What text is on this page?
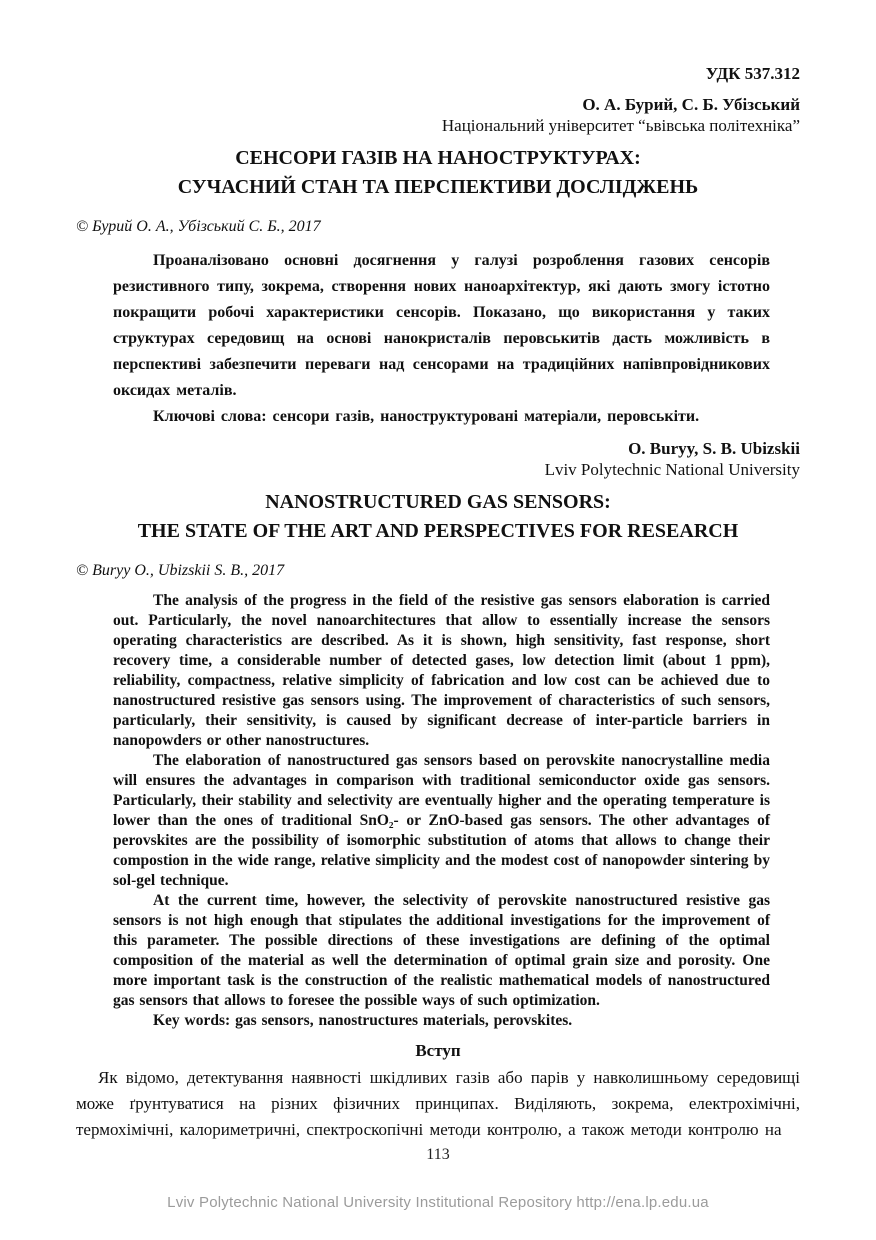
УДК 537.312
О. А. Бурий, С. Б. Убізський
Національний університет “ьвівська політехніка”
СЕНСОРИ ГАЗІВ НА НАНОСТРУКТУРАХ:
СУЧАСНИЙ СТАН ТА ПЕРСПЕКТИВИ ДОСЛІДЖЕНЬ
© Бурий О. А., Убізський С. Б., 2017

Проаналізовано основні досягнення у галузі розроблення газових сенсорів резистивного типу, зокрема, створення нових наноархітектур, які дають змогу істотно покращити робочі характеристики сенсорів. Показано, що використання у таких структурах середовищ на основі нанокристалів перовськитів дасть можливість в перспективі забезпечити переваги над сенсорами на традиційних напівпровідникових оксидах металів.

Ключові слова: сенсори газів, наноструктуровані матеріали, перовськіти.

O. Buryy, S. B. Ubizskii
Lviv Polytechnic National University
NANOSTRUCTURED GAS SENSORS:
THE STATE OF THE ART AND PERSPECTIVES FOR RESEARCH
© Buryy O., Ubizskii S. B., 2017

The analysis of the progress in the field of the resistive gas sensors elaboration is carried out. Particularly, the novel nanoarchitectures that allow to essentially increase the sensors operating characteristics are described. As it is shown, high sensitivity, fast response, short recovery time, a considerable number of detected gases, low detection limit (about 1 ppm), reliability, compactness, relative simplicity of fabrication and low cost can be achieved due to nanostructured resistive gas sensors using. The improvement of characteristics of such sensors, particularly, their sensitivity, is caused by significant decrease of inter-particle barriers in nanopowders or other nanostructures.

The elaboration of nanostructured gas sensors based on perovskite nanocrystalline media will ensures the advantages in comparison with traditional semiconductor oxide gas sensors. Particularly, their stability and selectivity are eventually higher and the operating temperature is lower than the ones of traditional SnO₂- or ZnO-based gas sensors. The other advantages of perovskites are the possibility of isomorphic substitution of atoms that allows to change their compostion in the wide range, relative simplicity and the modest cost of nanopowder sintering by sol-gel technique.

At the current time, however, the selectivity of perovskite nanostructured resistive gas sensors is not high enough that stipulates the additional investigations for the improvement of this parameter. The possible directions of these investigations are defining of the optimal composition of the material as well the determination of optimal grain size and porosity. One more important task is the construction of the realistic mathematical models of nanostructured gas sensors that allows to foresee the possible ways of such optimization.

Key words: gas sensors, nanostructures materials, perovskites.

Вступ

Як відомо, детектування наявності шкідливих газів або парів у навколишньому середовищі може ґрунтуватися на різних фізичних принципах. Виділяють, зокрема, електрохімічні, термохімічні, калориметричні, спектроскопічні методи контролю, а також методи контролю на

113
Lviv Polytechnic National University Institutional Repository http://ena.lp.edu.ua
